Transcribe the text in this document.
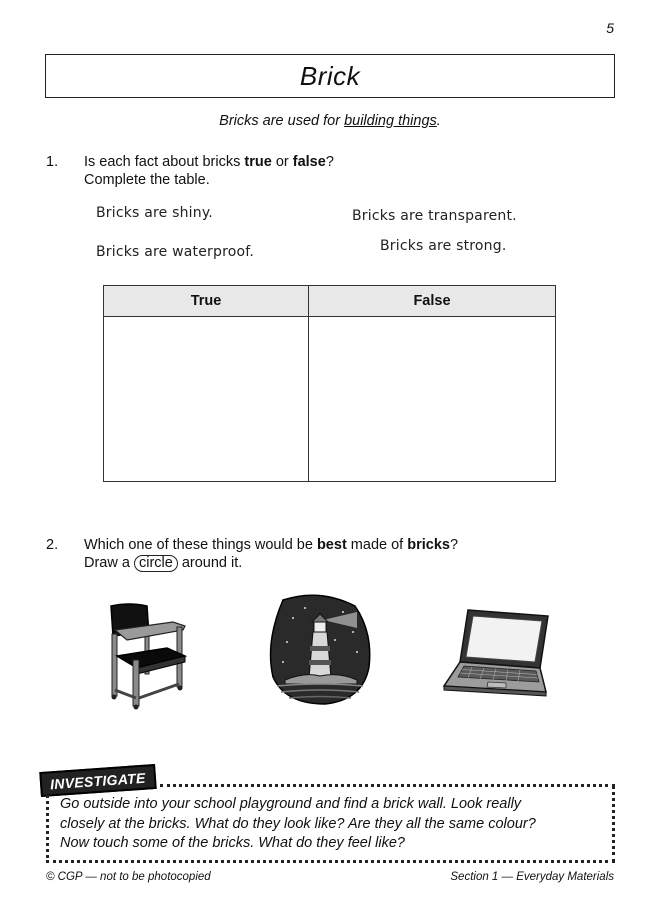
5
Brick
Bricks are used for building things.
1. Is each fact about bricks true or false?
Complete the table.
Bricks are shiny.	Bricks are transparent.
Bricks are waterproof.	Bricks are strong.
True	False

2. Which one of these things would be best made of bricks?
Draw a circle around it.
INVESTIGATE
Go outside into your school playground and find a brick wall. Look really
closely at the bricks. What do they look like? Are they all the same colour?
Now touch some of the bricks. What do they feel like?
© CGP — not to be photocopied	Section 1 — Everyday Materials
